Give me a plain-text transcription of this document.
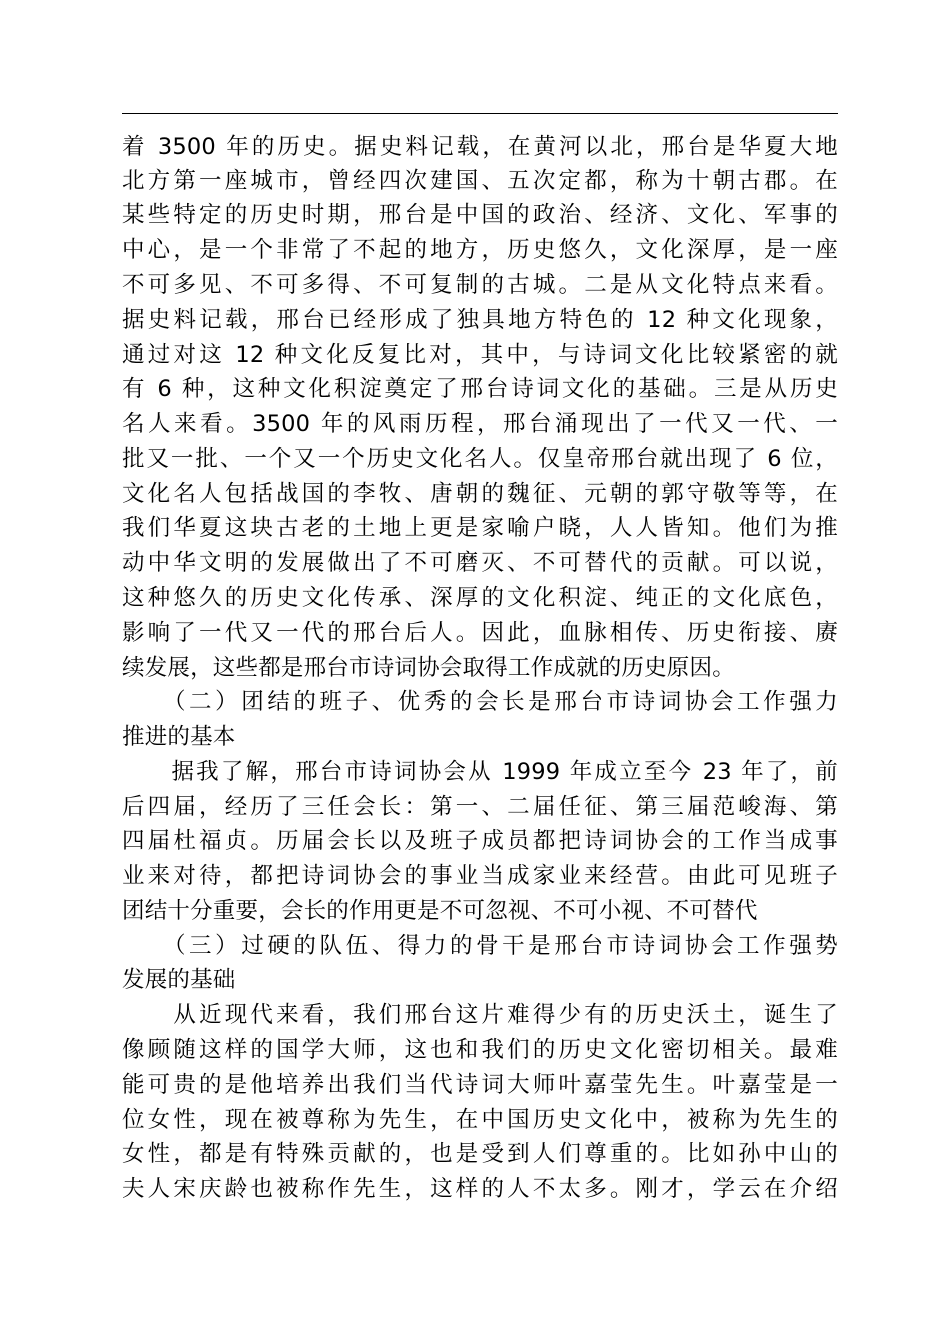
着 3500 年的历史。据史料记载，在黄河以北，邢台是华夏大地
北方第一座城市，曾经四次建国、五次定都，称为十朝古郡。在
某些特定的历史时期，邢台是中国的政治、经济、文化、军事的
中心，是一个非常了不起的地方，历史悠久，文化深厚，是一座
不可多见、不可多得、不可复制的古城。二是从文化特点来看。
据史料记载，邢台已经形成了独具地方特色的 12 种文化现象，
通过对这 12 种文化反复比对，其中，与诗词文化比较紧密的就
有 6 种，这种文化积淀奠定了邢台诗词文化的基础。三是从历史
名人来看。3500 年的风雨历程，邢台涌现出了一代又一代、一
批又一批、一个又一个历史文化名人。仅皇帝邢台就出现了 6 位，
文化名人包括战国的李牧、唐朝的魏征、元朝的郭守敬等等，在
我们华夏这块古老的土地上更是家喻户晓，人人皆知。他们为推
动中华文明的发展做出了不可磨灭、不可替代的贡献。可以说，
这种悠久的历史文化传承、深厚的文化积淀、纯正的文化底色，
影响了一代又一代的邢台后人。因此，血脉相传、历史衔接、赓
续发展，这些都是邢台市诗词协会取得工作成就的历史原因。
　　（二）团结的班子、优秀的会长是邢台市诗词协会工作强力
推进的基本
　　据我了解，邢台市诗词协会从 1999 年成立至今 23 年了，前
后四届，经历了三任会长：第一、二届任征、第三届范峻海、第
四届杜福贞。历届会长以及班子成员都把诗词协会的工作当成事
业来对待，都把诗词协会的事业当成家业来经营。由此可见班子
团结十分重要，会长的作用更是不可忽视、不可小视、不可替代
　　（三）过硬的队伍、得力的骨干是邢台市诗词协会工作强势
发展的基础
　　从近现代来看，我们邢台这片难得少有的历史沃土，诞生了
像顾随这样的国学大师，这也和我们的历史文化密切相关。最难
能可贵的是他培养出我们当代诗词大师叶嘉莹先生。叶嘉莹是一
位女性，现在被尊称为先生，在中国历史文化中，被称为先生的
女性，都是有特殊贡献的，也是受到人们尊重的。比如孙中山的
夫人宋庆龄也被称作先生，这样的人不太多。刚才，学云在介绍
